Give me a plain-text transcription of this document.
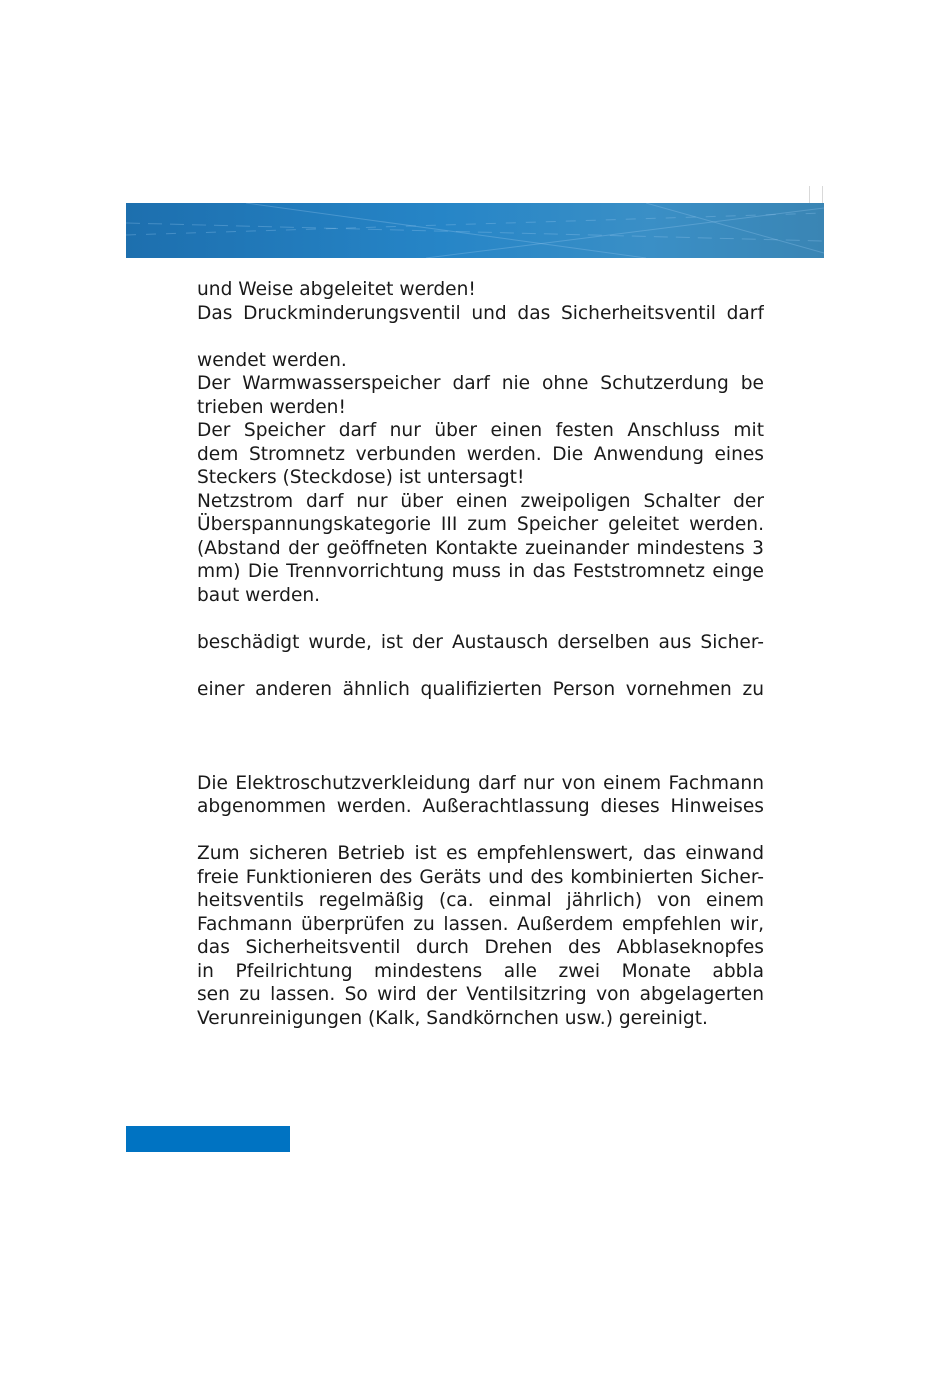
und Weise abgeleitet werden!
Das Druckminderungsventil und das Sicherheitsventil darf
wendet werden.
Der Warmwasserspeicher darf nie ohne Schutzerdung be
trieben werden!
Der Speicher darf nur über einen festen Anschluss mit
dem Stromnetz verbunden werden. Die Anwendung eines
Steckers (Steckdose) ist untersagt!
Netzstrom darf nur über einen zweipoligen Schalter der
Überspannungskategorie III zum Speicher geleitet werden.
(Abstand der geöffneten Kontakte zueinander mindestens 3
mm) Die Trennvorrichtung muss in das Feststromnetz einge
baut werden.
beschädigt wurde, ist der Austausch derselben aus Sicher-
einer anderen ähnlich qualifizierten Person vornehmen zu
Die Elektroschutzverkleidung darf nur von einem Fachmann
abgenommen werden. Außerachtlassung dieses Hinweises
Zum sicheren Betrieb ist es empfehlenswert, das einwand
freie Funktionieren des Geräts und des kombinierten Sicher-
heitsventils regelmäßig (ca. einmal jährlich) von einem
Fachmann überprüfen zu lassen. Außerdem empfehlen wir,
das Sicherheitsventil durch Drehen des Abblaseknopfes
in Pfeilrichtung mindestens alle zwei Monate abbla
sen zu lassen. So wird der Ventilsitzring von abgelagerten
Verunreinigungen (Kalk, Sandkörnchen usw.) gereinigt.
